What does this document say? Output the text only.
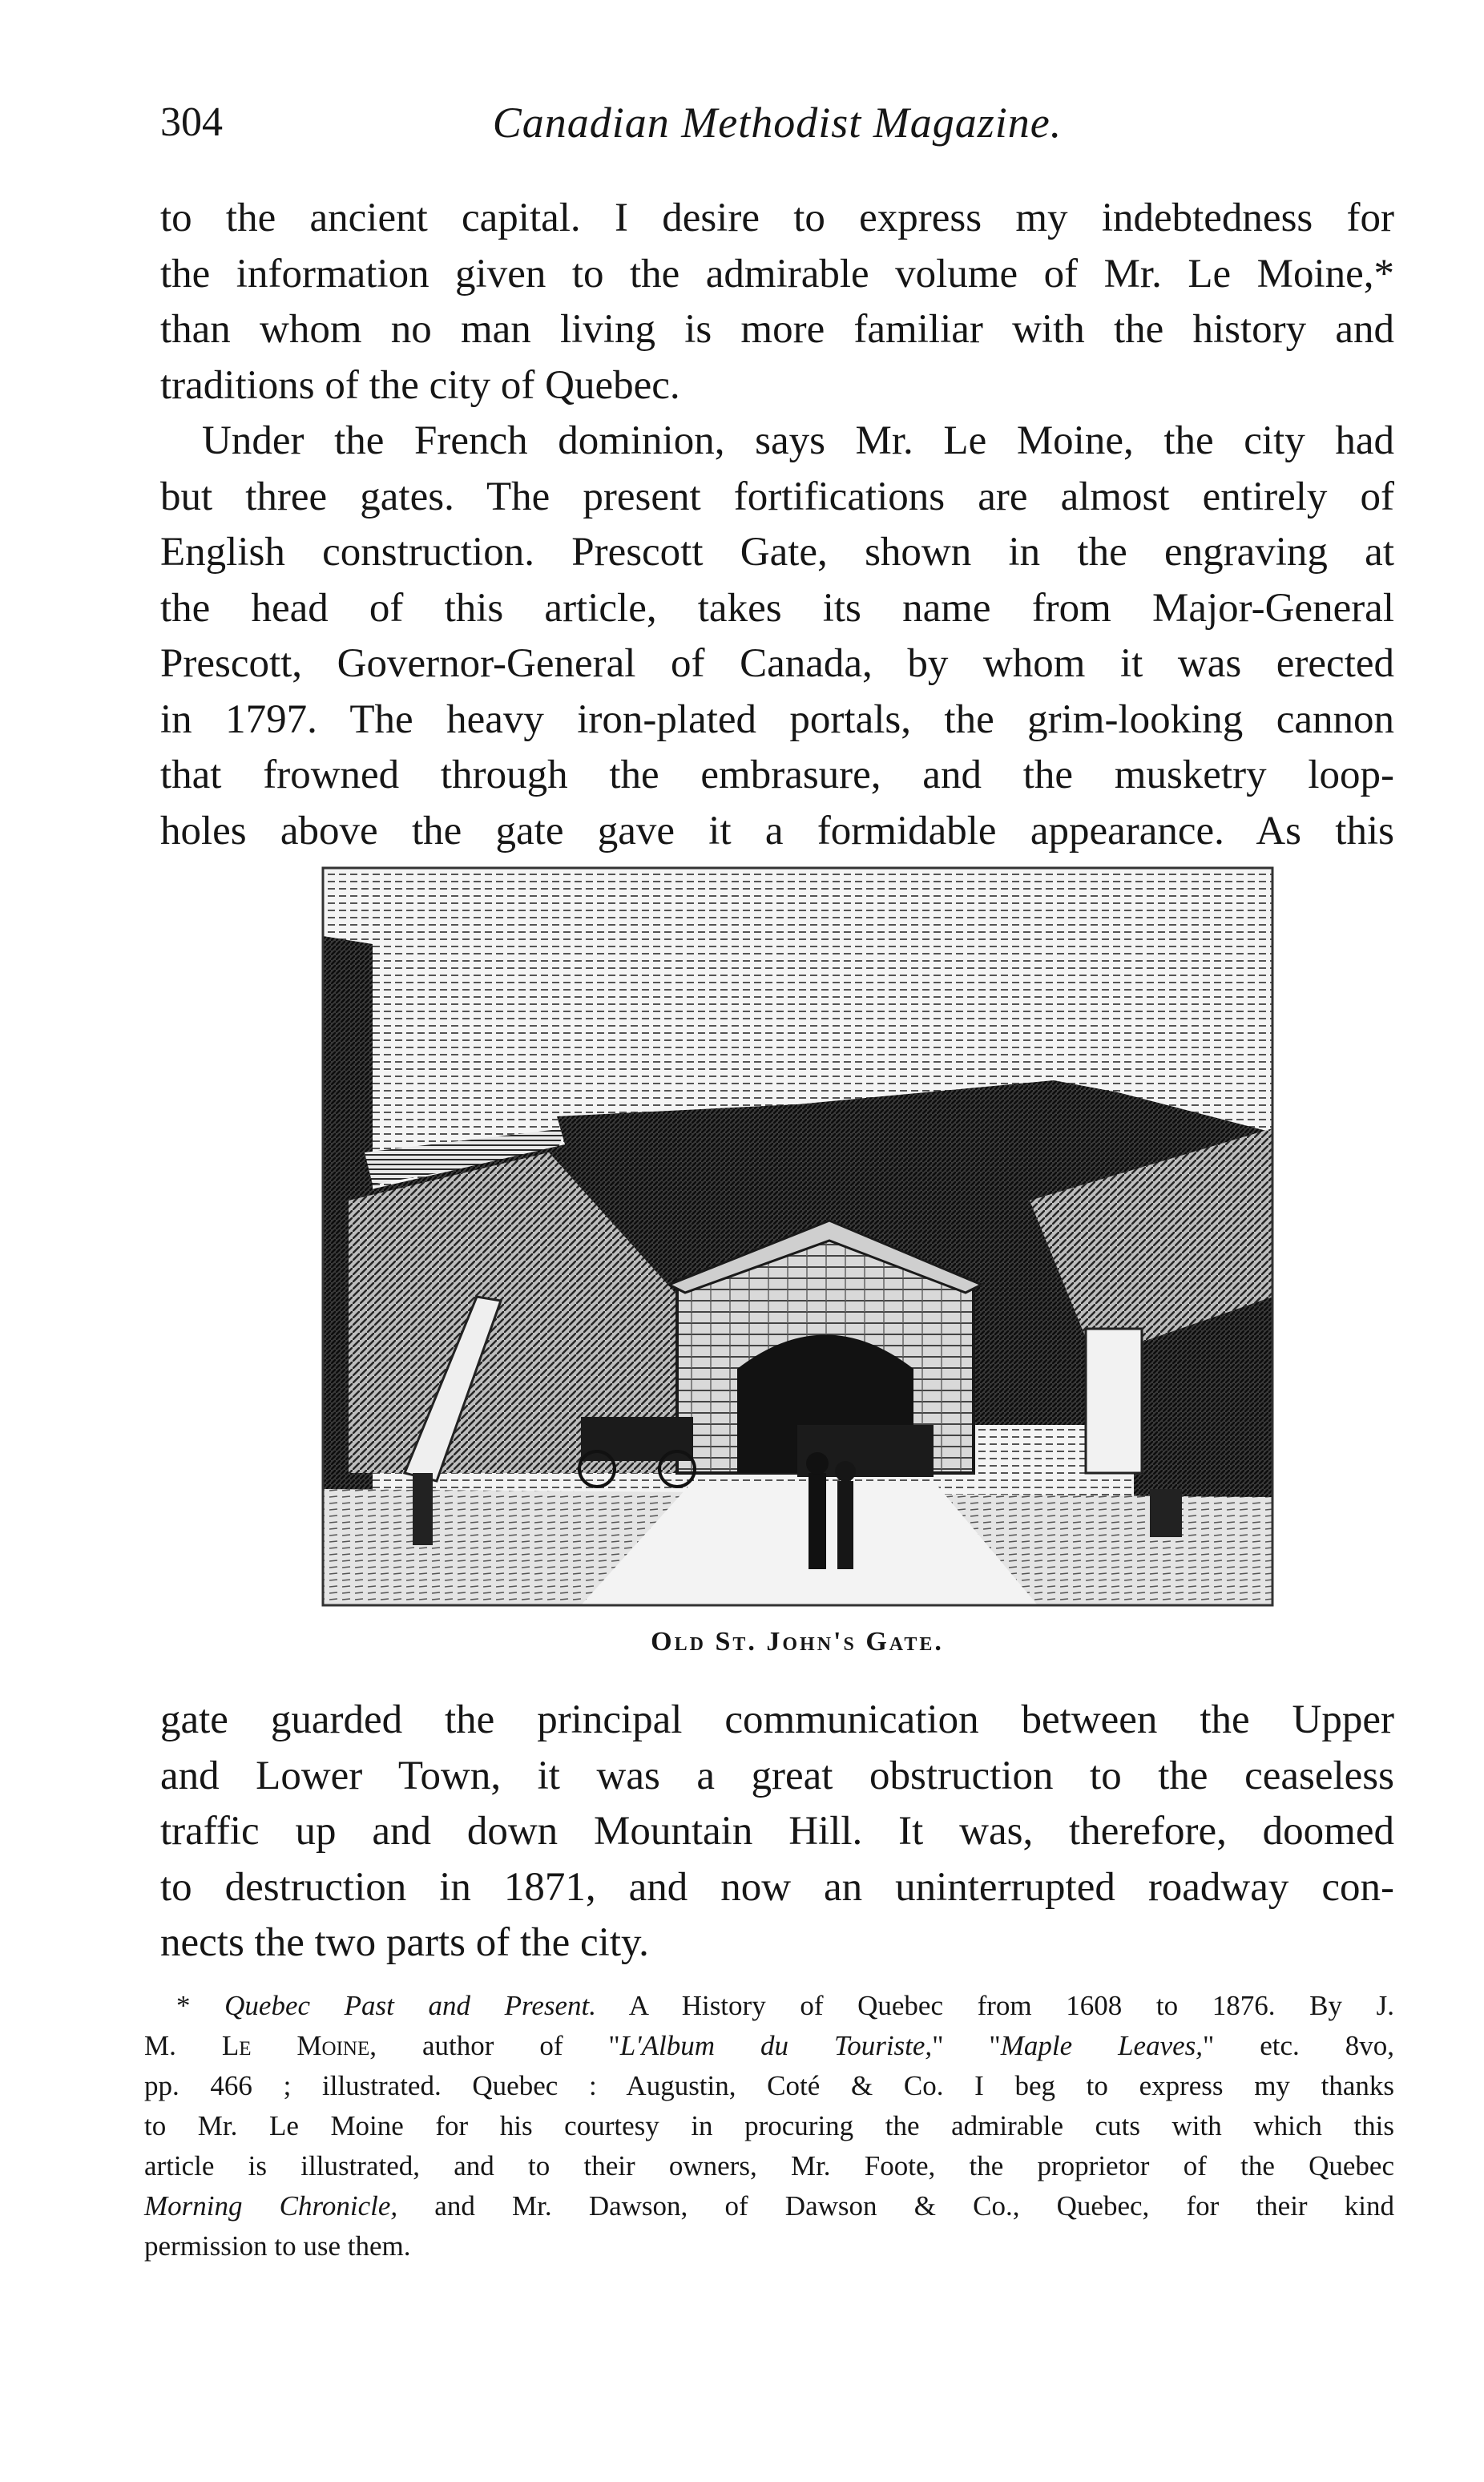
304	Canadian Methodist Magazine.

to the ancient capital. I desire to express my indebtedness for
the information given to the admirable volume of Mr. Le Moine,*
than whom no man living is more familiar with the history and
traditions of the city of Quebec.

Under the French dominion, says Mr. Le Moine, the city had
but three gates. The present fortifications are almost entirely of
English construction. Prescott Gate, shown in the engraving at
the head of this article, takes its name from Major-General
Prescott, Governor-General of Canada, by whom it was erected
in 1797. The heavy iron-plated portals, the grim-looking cannon
that frowned through the embrasure, and the musketry loop-
holes above the gate gave it a formidable appearance. As this

Old St. John's Gate.

gate guarded the principal communication between the Upper
and Lower Town, it was a great obstruction to the ceaseless
traffic up and down Mountain Hill. It was, therefore, doomed
to destruction in 1871, and now an uninterrupted roadway con-
nects the two parts of the city.

* Quebec Past and Present. A History of Quebec from 1608 to 1876. By J.
M. Le Moine, author of "L'Album du Touriste," "Maple Leaves," etc. 8vo,
pp. 466 ; illustrated. Quebec : Augustin, Coté & Co. I beg to express my thanks
to Mr. Le Moine for his courtesy in procuring the admirable cuts with which this
article is illustrated, and to their owners, Mr. Foote, the proprietor of the Quebec
Morning Chronicle, and Mr. Dawson, of Dawson & Co., Quebec, for their kind
permission to use them.
